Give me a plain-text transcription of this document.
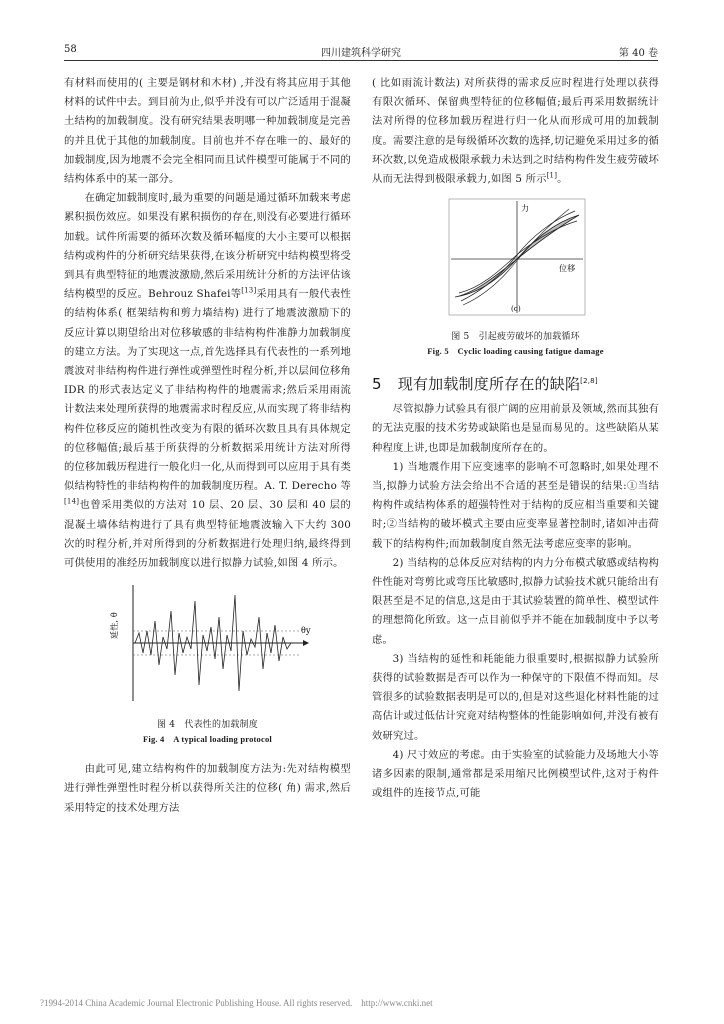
58	四川建筑科学研究	第 40 卷

有材料而使用的( 主要是钢材和木材) ,并没有将其应用于其他材料的试件中去。到目前为止,似乎并没有可以广泛适用于混凝土结构的加载制度。没有研究结果表明哪一种加载制度是完善的并且优于其他的加载制度。目前也并不存在唯一的、最好的加载制度,因为地震不会完全相同而且试件模型可能属于不同的结构体系中的某一部分。

在确定加载制度时,最为重要的问题是通过循环加载来考虑累积损伤效应。如果没有累积损伤的存在,则没有必要进行循环加载。试件所需要的循环次数及循环幅度的大小主要可以根据结构或构件的分析研究结果获得,在该分析研究中结构模型将受到具有典型特征的地震波激励,然后采用统计分析的方法评估该结构模型的反应。Behrouz Shafei等[13]采用具有一般代表性的结构体系( 框架结构和剪力墙结构) 进行了地震波激励下的反应计算以期望给出对位移敏感的非结构构件准静力加载制度的建立方法。为了实现这一点,首先选择具有代表性的一系列地震波对非结构构件进行弹性或弹塑性时程分析,并以层间位移角 IDR 的形式表达定义了非结构构件的地震需求;然后采用雨流计数法来处理所获得的地震需求时程反应,从而实现了将非结构构件位移反应的随机性改变为有限的循环次数且具有具体规定的位移幅值;最后基于所获得的分析数据采用统计方法对所得的位移加载历程进行一般化归一化,从而得到可以应用于具有类似结构特性的非结构构件的加载制度历程。A. T. Derecho 等[14]也曾采用类似的方法对 10 层、20 层、30 层和 40 层的混凝土墙体结构进行了具有典型特征地震波输入下大约 300 次的时程分析,并对所得到的分析数据进行处理归纳,最终得到可供使用的准经历加载制度以进行拟静力试验,如图 4 所示。

延性, θ	θy
图 4　代表性的加载制度
Fig. 4　A typical loading protocol

由此可见,建立结构构件的加载制度方法为:先对结构模型进行弹性弹塑性时程分析以获得所关注的位移( 角) 需求,然后采用特定的技术处理方法

( 比如雨流计数法) 对所获得的需求反应时程进行处理以获得有限次循环、保留典型特征的位移幅值;最后再采用数据统计法对所得的位移加载历程进行归一化从而形成可用的加载制度。需要注意的是每级循环次数的选择,切记避免采用过多的循环次数,以免造成极限承载力未达到之时结构构件发生疲劳破坏从而无法得到极限承载力,如图 5 所示[1]。

力
位移
(c)
图 5　引起疲劳破坏的加载循环
Fig. 5　Cyclic loading causing fatigue damage
5 现有加载制度所存在的缺陷[2,8]

尽管拟静力试验具有很广阔的应用前景及领域,然而其独有的无法克服的技术劣势或缺陷也是显而易见的。这些缺陷从某种程度上讲,也即是加载制度所存在的。

1) 当地震作用下应变速率的影响不可忽略时,如果处理不当,拟静力试验方法会给出不合适的甚至是错误的结果:①当结构构件或结构体系的超强特性对于结构的反应相当重要和关键时;②当结构的破坏模式主要由应变率显著控制时,诸如冲击荷载下的结构构件;而加载制度自然无法考虑应变率的影响。

2) 当结构的总体反应对结构的内力分布模式敏感或结构构件性能对弯剪比或弯压比敏感时,拟静力试验技术就只能给出有限甚至是不足的信息,这是由于其试验装置的简单性、模型试件的理想简化所致。这一点目前似乎并不能在加载制度中予以考虑。

3) 当结构的延性和耗能能力很重要时,根据拟静力试验所获得的试验数据是否可以作为一种保守的下限值不得而知。尽管很多的试验数据表明是可以的,但是对这些退化材料性能的过高估计或过低估计究竟对结构整体的性能影响如何,并没有被有效研究过。

4) 尺寸效应的考虑。由于实验室的试验能力及场地大小等诸多因素的限制,通常都是采用缩尺比例模型试件,这对于构件或组件的连接节点,可能

?1994-2014 China Academic Journal Electronic Publishing House. All rights reserved.　http://www.cnki.net
